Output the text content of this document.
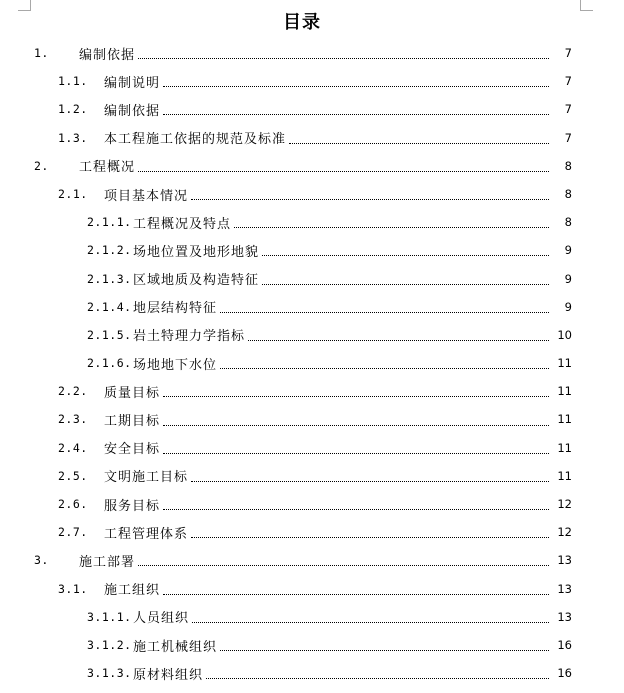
目录
1. 编制依据	7
1.1. 编制说明	7
1.2. 编制依据	7
1.3. 本工程施工依据的规范及标准	7
2. 工程概况	8
2.1. 项目基本情况	8
2.1.1. 工程概况及特点	8
2.1.2. 场地位置及地形地貌	9
2.1.3. 区域地质及构造特征	9
2.1.4. 地层结构特征	9
2.1.5. 岩土特理力学指标	10
2.1.6. 场地地下水位	11
2.2. 质量目标	11
2.3. 工期目标	11
2.4. 安全目标	11
2.5. 文明施工目标	11
2.6. 服务目标	12
2.7. 工程管理体系	12
3. 施工部署	13
3.1. 施工组织	13
3.1.1. 人员组织	13
3.1.2. 施工机械组织	16
3.1.3. 原材料组织	16
